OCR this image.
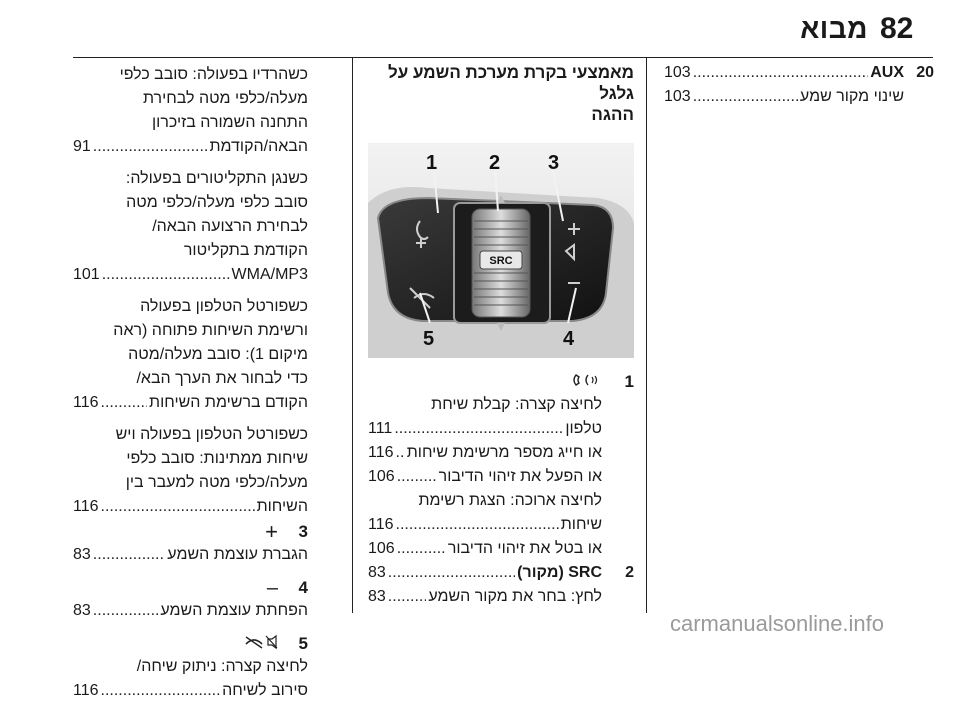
82
מבוא
20
AUX
.....
103
שינוי מקור שמע
.....
103
מאמצעי בקרת מערכת השמע על גלגל
ההגה
SRC
1	2 3
4
5
1
לחיצה קצרה: קבלת שיחת
טלפון
.....
111
או חייג מספר מרשימת שיחות
.....
116
או הפעל את זיהוי הדיבור
.....
106
לחיצה ארוכה: הצגת רשימת
שיחות
.....
116
או בטל את זיהוי הדיבור
.....
106
2
SRC (מקור)
.....
83
לחץ: בחר את מקור השמע
.....
83
כשהרדיו בפעולה: סובב כלפי
מעלה/כלפי מטה לבחירת
התחנה השמורה בזיכרון
הבאה/הקודמת
.....
91
כשנגן התקליטורים בפעולה:
סובב כלפי מעלה/כלפי מטה
לבחירת הרצועה הבאה/
הקודמת בתקליטור
WMA/MP3
.....
101
כשפורטל הטלפון בפעולה
ורשימת השיחות פתוחה (ראה
מיקום 1): סובב מעלה/מטה
כדי לבחור את הערך הבא/
הקודם ברשימת השיחות
.....
116
כשפורטל הטלפון בפעולה ויש
שיחות ממתינות: סובב כלפי
מעלה/כלפי מטה למעבר בין
השיחות
.....
116
3
+
הגברת עוצמת השמע
.....
83
4
–
הפחתת עוצמת השמע
.....
83
5
לחיצה קצרה: ניתוק שיחה/
סירוב לשיחה
.....
116
carmanualsonline.info
